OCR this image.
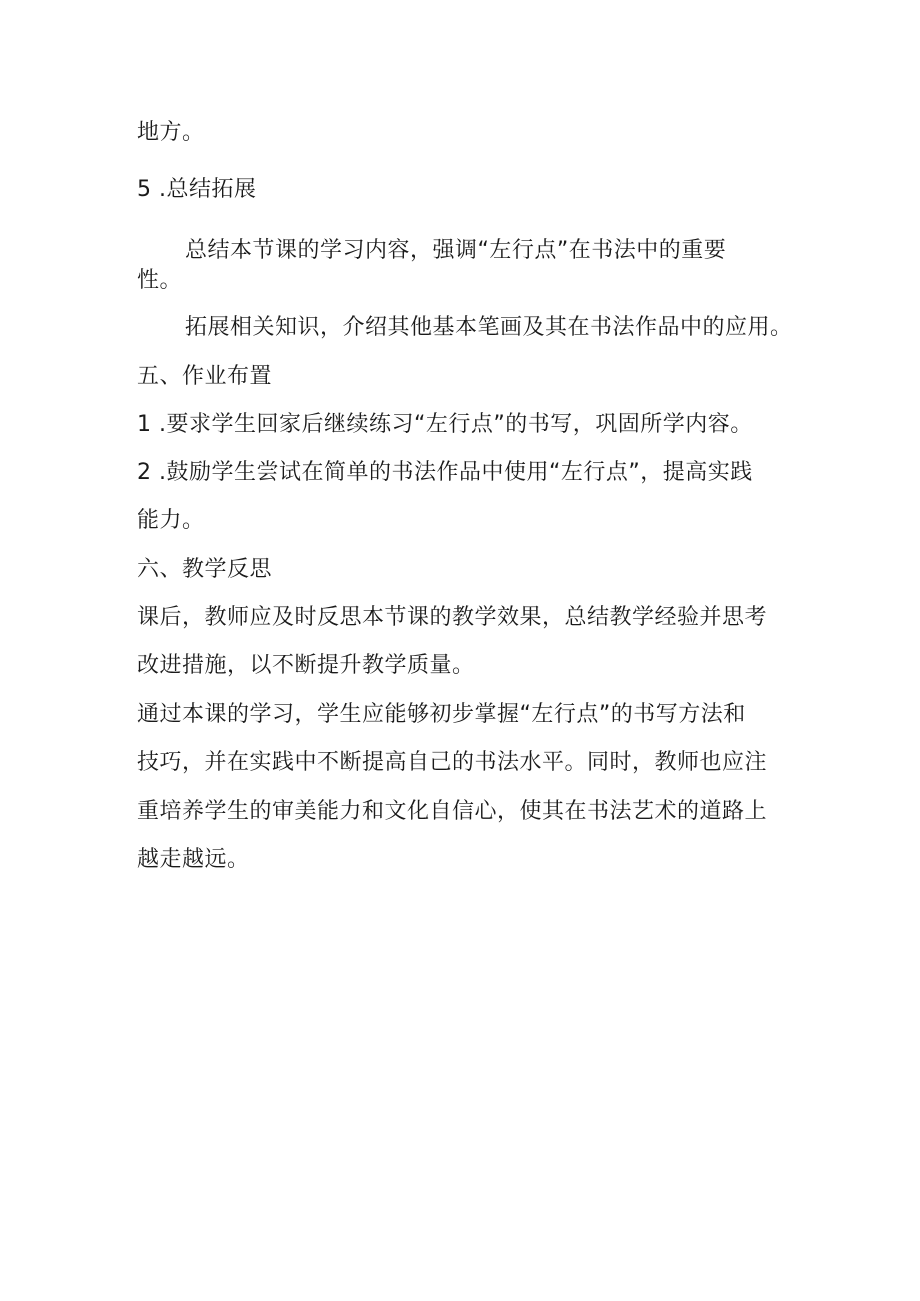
地方。
5 .总结拓展
总结本节课的学习内容，强调“左行点”在书法中的重要
性。
拓展相关知识，介绍其他基本笔画及其在书法作品中的应用。
五、作业布置
1 .要求学生回家后继续练习“左行点”的书写，巩固所学内容。
2 .鼓励学生尝试在简单的书法作品中使用“左行点”，提高实践
能力。
六、教学反思
课后，教师应及时反思本节课的教学效果，总结教学经验并思考
改进措施，以不断提升教学质量。
通过本课的学习，学生应能够初步掌握“左行点”的书写方法和
技巧，并在实践中不断提高自己的书法水平。同时，教师也应注
重培养学生的审美能力和文化自信心，使其在书法艺术的道路上
越走越远。
